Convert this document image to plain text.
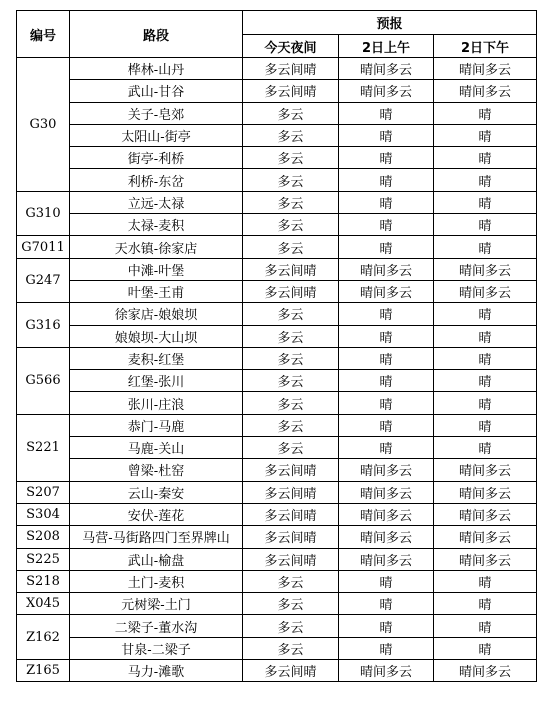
编号	路段	预报		
		今天夜间	2日上午	2日下午
G30	桦林-山丹	多云间晴	晴间多云	晴间多云
	武山-甘谷	多云间晴	晴间多云	晴间多云
	关子-皂郊	多云	晴	晴
	太阳山-街亭	多云	晴	晴
	街亭-利桥	多云	晴	晴
	利桥-东岔	多云	晴	晴
G310	立远-太禄	多云	晴	晴
	太禄-麦积	多云	晴	晴
G7011	天水镇-徐家店	多云	晴	晴
G247	中滩-叶堡	多云间晴	晴间多云	晴间多云
	叶堡-王甫	多云间晴	晴间多云	晴间多云
G316	徐家店-娘娘坝	多云	晴	晴
	娘娘坝-大山坝	多云	晴	晴
G566	麦积-红堡	多云	晴	晴
	红堡-张川	多云	晴	晴
	张川-庄浪	多云	晴	晴
S221	恭门-马鹿	多云	晴	晴
	马鹿-关山	多云	晴	晴
	曾梁-杜窑	多云间晴	晴间多云	晴间多云
S207	云山-秦安	多云间晴	晴间多云	晴间多云
S304	安伏-莲花	多云间晴	晴间多云	晴间多云
S208	马营-马街路四门至界牌山	多云间晴	晴间多云	晴间多云
S225	武山-榆盘	多云间晴	晴间多云	晴间多云
S218	土门-麦积	多云	晴	晴
X045	元树梁-土门	多云	晴	晴
Z162	二梁子-董水沟	多云	晴	晴
	甘泉-二梁子	多云	晴	晴
Z165	马力-滩歌	多云间晴	晴间多云	晴间多云
